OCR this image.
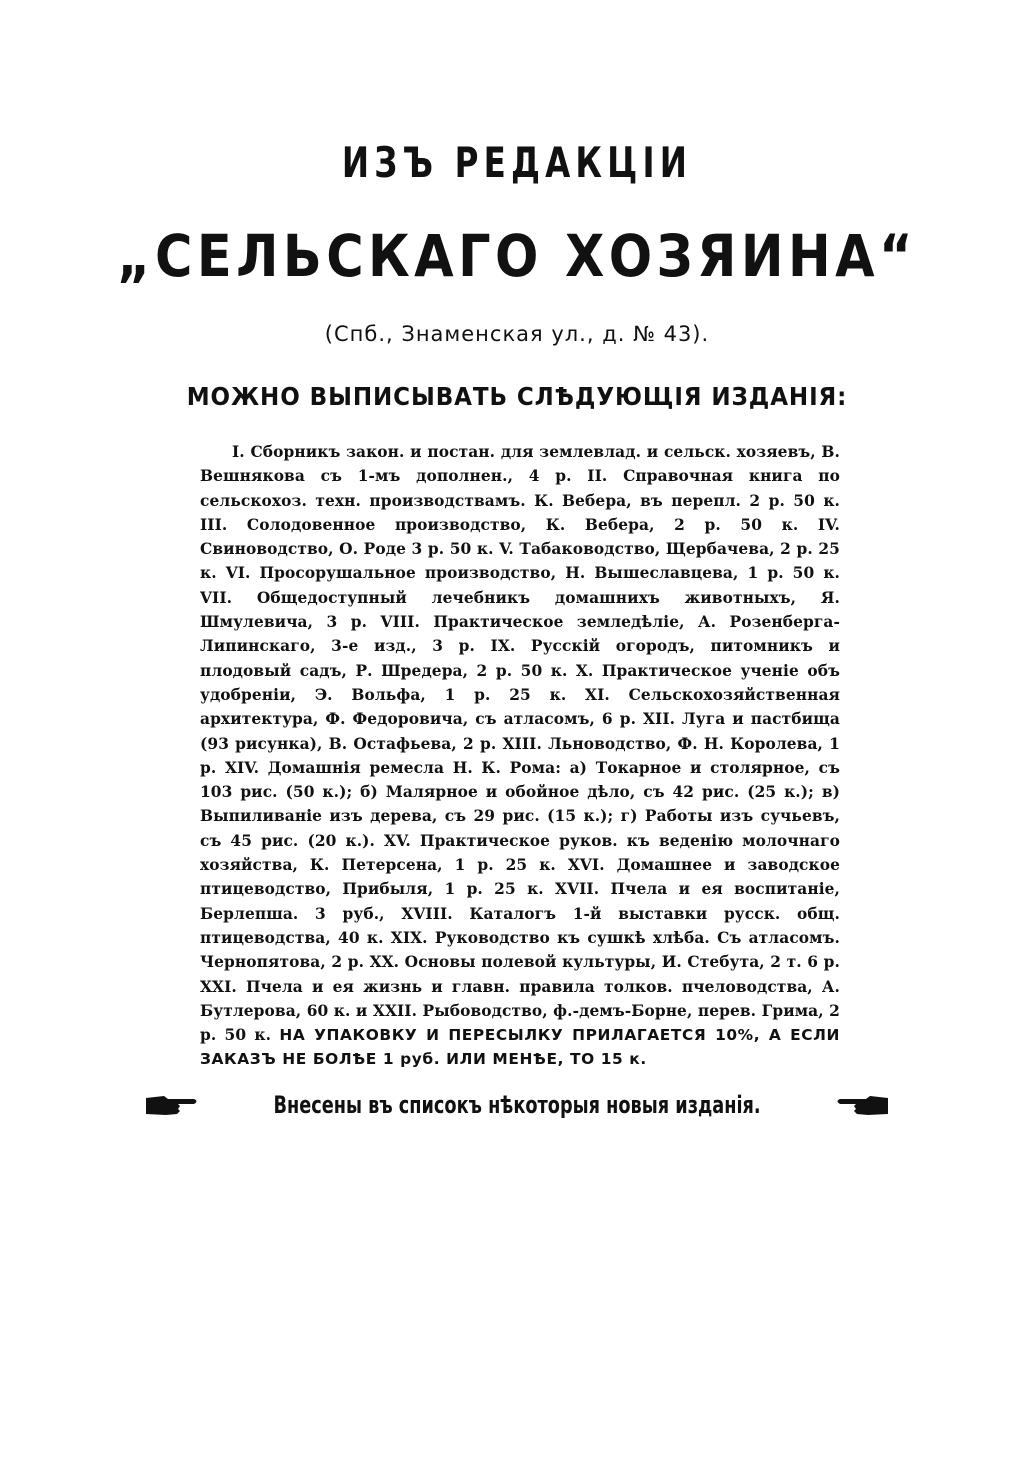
ИЗЪ РЕДАКЦІИ
„СЕЛЬСКАГО ХОЗЯИНА“
(Спб., Знаменская ул., д. № 43).
МОЖНО ВЫПИСЫВАТЬ СЛѢДУЮЩІЯ ИЗДАНІЯ:
I. Сборникъ закон. и постан. для землевлад. и сельск. хозяевъ, В. Вешнякова съ 1-мъ дополнен., 4 р. II. Справочная книга по сельскохоз. техн. производствамъ. К. Вебера, въ перепл. 2 р. 50 к. III. Солодовенное производство, К. Вебера, 2 р. 50 к. IV. Свиноводство, О. Роде 3 р. 50 к. V. Табаководство, Щербачева, 2 р. 25 к. VI. Просорушальное производство, Н. Вышеславцева, 1 р. 50 к. VII. Общедоступный лечебникъ домашнихъ животныхъ, Я. Шмулевича, 3 р. VIII. Практическое земледѣліе, А. Розенберга-Липинскаго, 3-е изд., 3 р. IX. Русскій огородъ, питомникъ и плодовый садъ, Р. Шредера, 2 р. 50 к. X. Практическое ученіе объ удобреніи, Э. Вольфа, 1 р. 25 к. XI. Сельскохозяйственная архитектура, Ф. Федоровича, съ атласомъ, 6 р. XII. Луга и пастбища (93 рисунка), В. Остафьева, 2 р. XIII. Льноводство, Ф. Н. Королева, 1 р. XIV. Домашнія ремесла Н. К. Рома: а) Токарное и столярное, съ 103 рис. (50 к.); б) Малярное и обойное дѣло, съ 42 рис. (25 к.); в) Выпиливаніе изъ дерева, съ 29 рис. (15 к.); г) Работы изъ сучьевъ, съ 45 рис. (20 к.). XV. Практическое руков. къ веденію молочнаго хозяйства, К. Петерсена, 1 р. 25 к. XVI. Домашнее и заводское птицеводство, Прибыля, 1 р. 25 к. XVII. Пчела и ея воспитаніе, Берлепша. 3 руб., XVIII. Каталогъ 1-й выставки русск. общ. птицеводства, 40 к. XIX. Руководство къ сушкѣ хлѣба. Съ атласомъ. Чернопятова, 2 р. XX. Основы полевой культуры, И. Стебута, 2 т. 6 р. XXI. Пчела и ея жизнь и главн. правила толков. пчеловодства, А. Бутлерова, 60 к. и XXII. Рыбоводство, ф.-демъ-Борне, перев. Грима, 2 р. 50 к. НА УПАКОВКУ И ПЕРЕСЫЛКУ ПРИЛАГАЕТСЯ 10%, А ЕСЛИ ЗАКАЗЪ НЕ БОЛѢЕ 1 руб. ИЛИ МЕНѢЕ, ТО 15 к.
Внесены въ списокъ нѣкоторыя новыя изданія.
